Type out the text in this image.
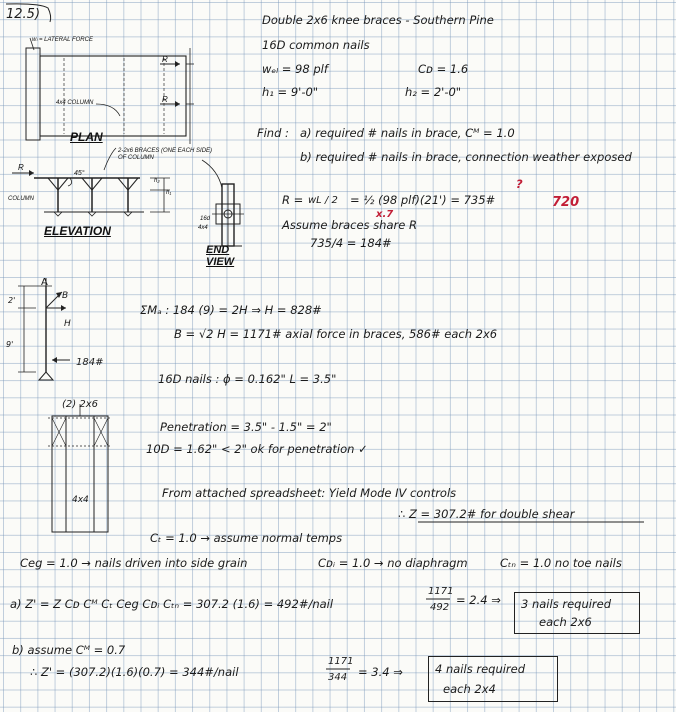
12.5)	Double 2x6 knee braces - Southern Pine
16D common nails
wₑₗ = 98 plf	Cᴅ = 1.6
h₁ = 9'-0"	h₂ = 2'-0"
wₗ = LATERAL FORCE
4x4 COLUMN
R
R
PLAN
2-2x6 BRACES (ONE EACH SIDE) OF COLUMN
R
45°
COLUMN
ELEVATION
h₂
h₁
16d
4x4
END VIEW
Find : a) required # nails in brace, Cᴹ = 1.0
b) required # nails in brace, connection weather exposed
R = wL / 2 = ½ (98 plf)(21') = 735#
?
x.7
720
Assume braces share R
735/4 = 184#
A
B
H
2'
9'
184#
ΣMₐ : 184 (9) = 2H ⇒ H = 828#
B = √2 H = 1171# axial force in braces, 586# each 2x6
16D nails : ϕ = 0.162" L = 3.5"
(2) 2x6
4x4
Penetration = 3.5" - 1.5" = 2"
10D = 1.62" < 2" ok for penetration ✓
From attached spreadsheet: Yield Mode IV controls
∴ Z = 307.2# for double shear
Cₜ = 1.0 → assume normal temps
Ceg = 1.0 → nails driven into side grain	Cᴅᵢ = 1.0 → no diaphragm	Cₜₙ = 1.0 no toe nails
a) Z' = Z Cᴅ Cᴹ Cₜ Ceg Cᴅᵢ Cₜₙ = 307.2 (1.6) = 492#/nail
1171
492
= 2.4 ⇒ 3 nails required
each 2x6
b) assume Cᴹ = 0.7
∴ Z' = (307.2)(1.6)(0.7) = 344#/nail
1171
344 = 3.4 ⇒	4 nails required
each 2x4
